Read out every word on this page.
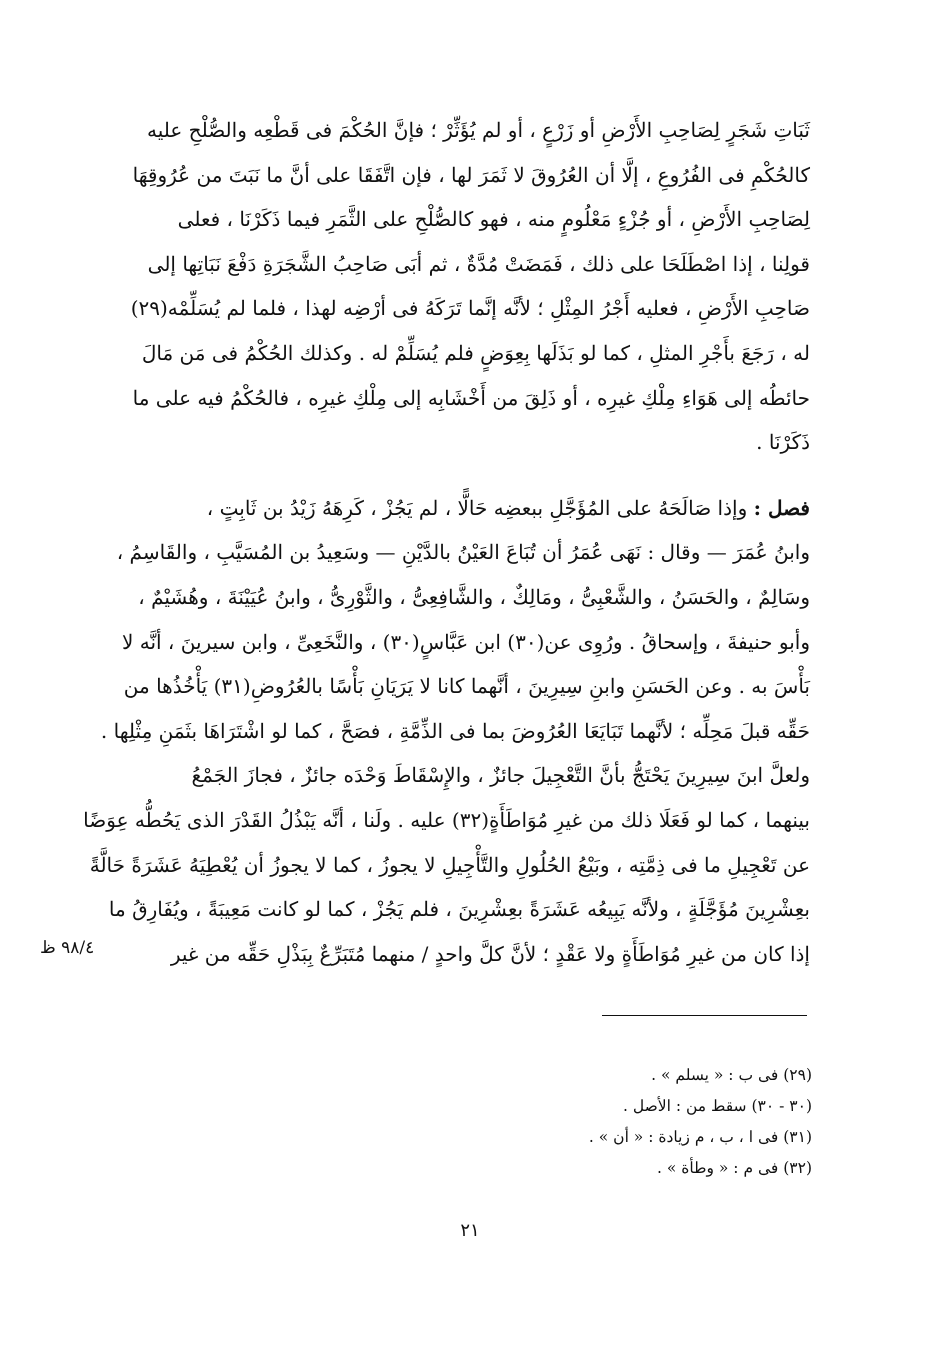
ثَبَاتِ شَجَرٍ لِصَاحِبِ الأَرْضِ أو زَرْعٍ ، أو لم يُؤَثِّرْ ؛ فإنَّ الحُكْمَ فى قَطْعِه والصُّلْحِ عليه
كالحُكْمِ فى الفُرُوعِ ، إلَّا أن العُرُوقَ لا ثَمَرَ لها ، فإن اتَّفَقَا على أنَّ ما نَبَتَ من عُرُوقِهَا
لِصَاحِبِ الأَرْضِ ، أو جُزْءٍ مَعْلُومٍ منه ، فهو كالصُّلْحِ على الثَّمَرِ فيما ذَكَرْنَا ، فعلى
قولِنا ، إذا اصْطَلَحَا على ذلك ، فَمَضَتْ مُدَّةٌ ، ثم أبَى صَاحِبُ الشَّجَرَةِ دَفْعَ نَبَاتِها إلى
صَاحِبِ الأَرْضِ ، فعليه أَجْرُ المِثْلِ ؛ لأنَّه إنَّما تَرَكَهُ فى أرْضِه لهذا ، فلما لم يُسَلِّمْه(٢٩)
له ، رَجَعَ بأَجْرِ المثلِ ، كما لو بَذَلَها بِعِوَضٍ فلم يُسَلِّمْ له . وكذلك الحُكْمُ فى مَن مَالَ
حائطُه إلى هَوَاءِ مِلْكِ غيرِه ، أو ذَلِقَ من أَخْشَابِه إلى مِلْكِ غيرِه ، فالحُكْمُ فيه على ما
ذَكَرْنَا .
فصل : وإذا صَالَحَهُ على المُؤَجَّلِ ببعضِه حَالًّا ، لم يَجُزْ ، كَرِهَهُ زَيْدُ بن ثَابِتٍ ،
وابنُ عُمَرَ — وقال : نَهَى عُمَرُ أن تُبَاعَ العَيْنُ بالدَّيْنِ — وسَعِيدُ بن المُسَيَّبِ ، والقَاسِمُ ،
وسَالِمٌ ، والحَسَنُ ، والشَّعْبِىُّ ، ومَالِكٌ ، والشَّافِعِىُّ ، والثَّوْرِىُّ ، وابنُ عُيَيْنَةَ ، وهُشَيْمٌ ،
وأبو حنيفةَ ، وإسحاقُ . ورُوِى عن(٣٠) ابن عَبَّاسٍ(٣٠) ، والنَّخَعِىِّ ، وابن سيرينَ ، أنَّه لا
بَأْسَ به . وعن الحَسَنِ وابنِ سِيرِينَ ، أنَّهما كانا لا يَرَيَانِ بَأْسًا بالعُرُوضِ(٣١) يَأْخُذُها من
حَقِّه قبلَ مَحِلِّه ؛ لأنَّهما تَبَايَعَا العُرُوضَ بما فى الذِّمَّةِ ، فصَحَّ ، كما لو اشْتَرَاهَا بثَمَنِ مِثْلِها .
ولعلَّ ابنَ سِيرِينَ يَحْتَجُّ بأنَّ التَّعْجِيلَ جائزٌ ، والإِسْقَاطَ وَحْدَه جائزٌ ، فجازَ الجَمْعُ
بينهما ، كما لو فَعَلَا ذلك من غيرِ مُوَاطَأَةٍ(٣٢) عليه . ولَنا ، أنَّه يَبْذُلُ القَدْرَ الذى يَحُطُّه عِوَضًا
عن تَعْجِيلِ ما فى ذِمَّتِه ، وبَيْعُ الحُلُولِ والتَّأْجِيلِ لا يجوزُ ، كما لا يجوزُ أن يُعْطِيَهُ عَشَرَةً حَالَّةً
بعِشْرِينَ مُؤَجَّلَةٍ ، ولأنَّه يَبِيعُه عَشَرَةً بعِشْرِينَ ، فلم يَجُزْ ، كما لو كانت مَعِيبَةً ، ويُفَارِقُ ما
إذا كان من غيرِ مُوَاطَأَةٍ ولا عَقْدٍ ؛ لأنَّ كلَّ واحدٍ / منهما مُتَبَرِّعٌ بِبَذْلِ حَقِّه من غير
٩٨/٤ ظ
(٢٩) فى ب : « يسلم » .
(٣٠ - ٣٠) سقط من : الأصل .
(٣١) فى ا ، ب ، م زيادة : « أن » .
(٣٢) فى م : « وطأة » .
٢١
